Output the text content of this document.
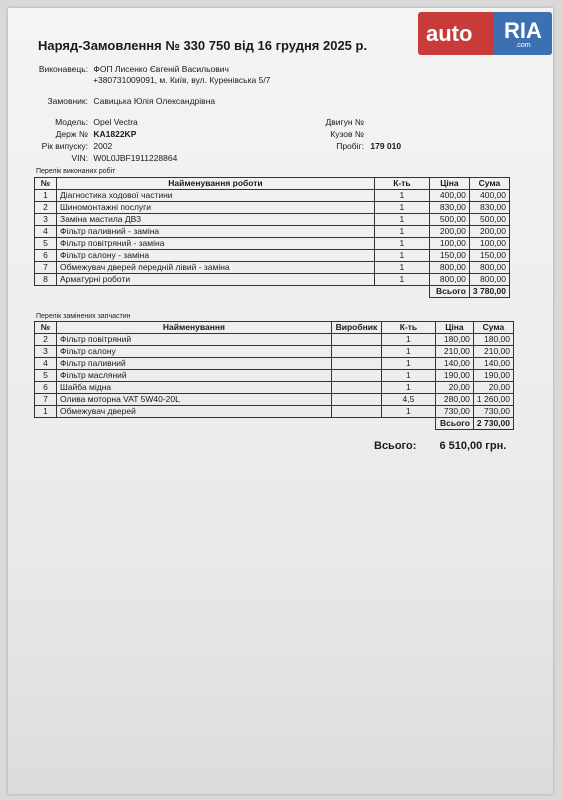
auto	RIA
.com
Наряд-Замовлення № 330 750 від 16 грудня 2025 р.
Виконавець: ФОП Лисенко Євгеній Васильович
+380731009091, м. Київ, вул. Куренівська 5/7
Замовник: Савицька Юлія Олександрівна
Модель: Opel Vectra
Держ № KA1822KP
Рік випуску: 2002
VIN: W0L0JBF1911228864
Двигун №
Кузов №
Пробіг: 179 010
Перелік виконаних робіт
№	Найменування роботи	К-ть	Ціна	Сума
1	Діагностика ходової частини	1	400,00	400,00
2	Шиномонтажні послуги	1	830,00	830,00
3	Заміна мастила ДВЗ	1	500,00	500,00
4	Фільтр паливний - заміна	1	200,00	200,00
5	Фільтр повітряний - заміна	1	100,00	100,00
6	Фільтр салону - заміна	1	150,00	150,00
7	Обмежувач дверей передній лівий - заміна	1	800,00	800,00
8	Арматурні роботи	1	800,00	800,00
			Всього	3 780,00
Перелік замінених запчастин
№	Найменування	Виробник	К-ть	Ціна	Сума
2	Фільтр повітряний		1	180,00	180,00
3	Фільтр салону		1	210,00	210,00
4	Фільтр паливний		1	140,00	140,00
5	Фільтр масляний		1	190,00	190,00
6	Шайба мідна		1	20,00	20,00
7	Олива моторна VAT 5W40-20L		4,5	280,00	1 260,00
1	Обмежувач дверей		1	730,00	730,00
				Всього	2 730,00
Всього: 6 510,00 грн.
